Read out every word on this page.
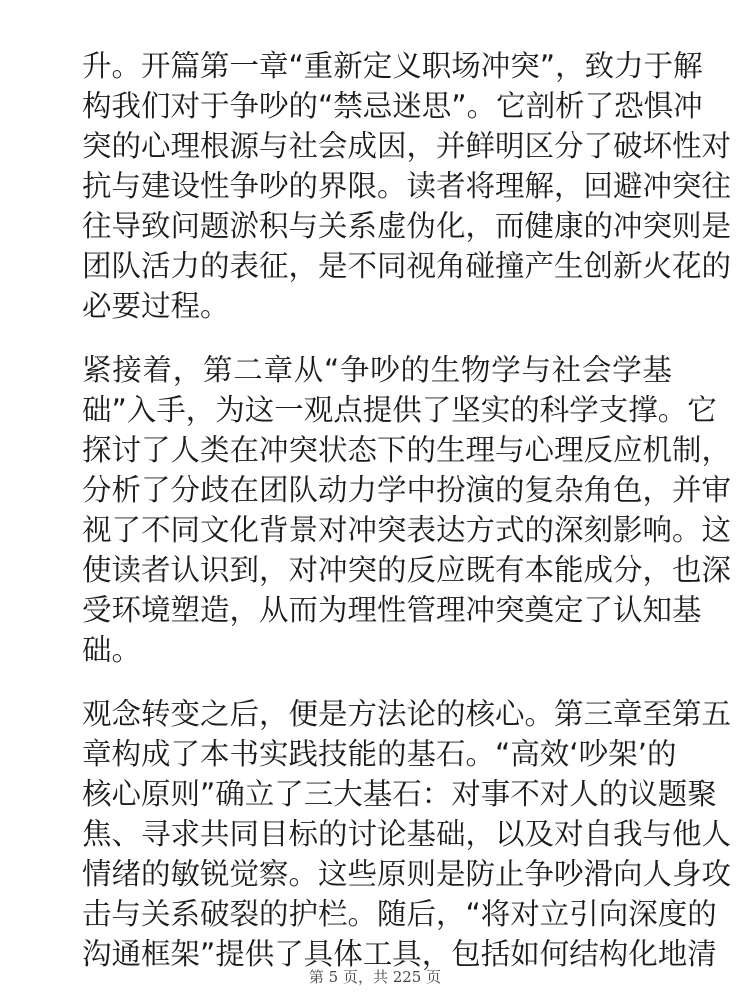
升。开篇第一章“重新定义职场冲突”，致力于解
构我们对于争吵的“禁忌迷思”。它剖析了恐惧冲
突的心理根源与社会成因，并鲜明区分了破坏性对
抗与建设性争吵的界限。读者将理解，回避冲突往
往导致问题淤积与关系虚伪化，而健康的冲突则是
团队活力的表征，是不同视角碰撞产生创新火花的
必要过程。
紧接着，第二章从“争吵的生物学与社会学基
础”入手，为这一观点提供了坚实的科学支撑。它
探讨了人类在冲突状态下的生理与心理反应机制，
分析了分歧在团队动力学中扮演的复杂角色，并审
视了不同文化背景对冲突表达方式的深刻影响。这
使读者认识到，对冲突的反应既有本能成分，也深
受环境塑造，从而为理性管理冲突奠定了认知基
础。
观念转变之后，便是方法论的核心。第三章至第五
章构成了本书实践技能的基石。“高效‘吵架’的
核心原则”确立了三大基石：对事不对人的议题聚
焦、寻求共同目标的讨论基础，以及对自我与他人
情绪的敏锐觉察。这些原则是防止争吵滑向人身攻
击与关系破裂的护栏。随后，“将对立引向深度的
沟通框架”提供了具体工具，包括如何结构化地清
第 5 页，共 225 页
